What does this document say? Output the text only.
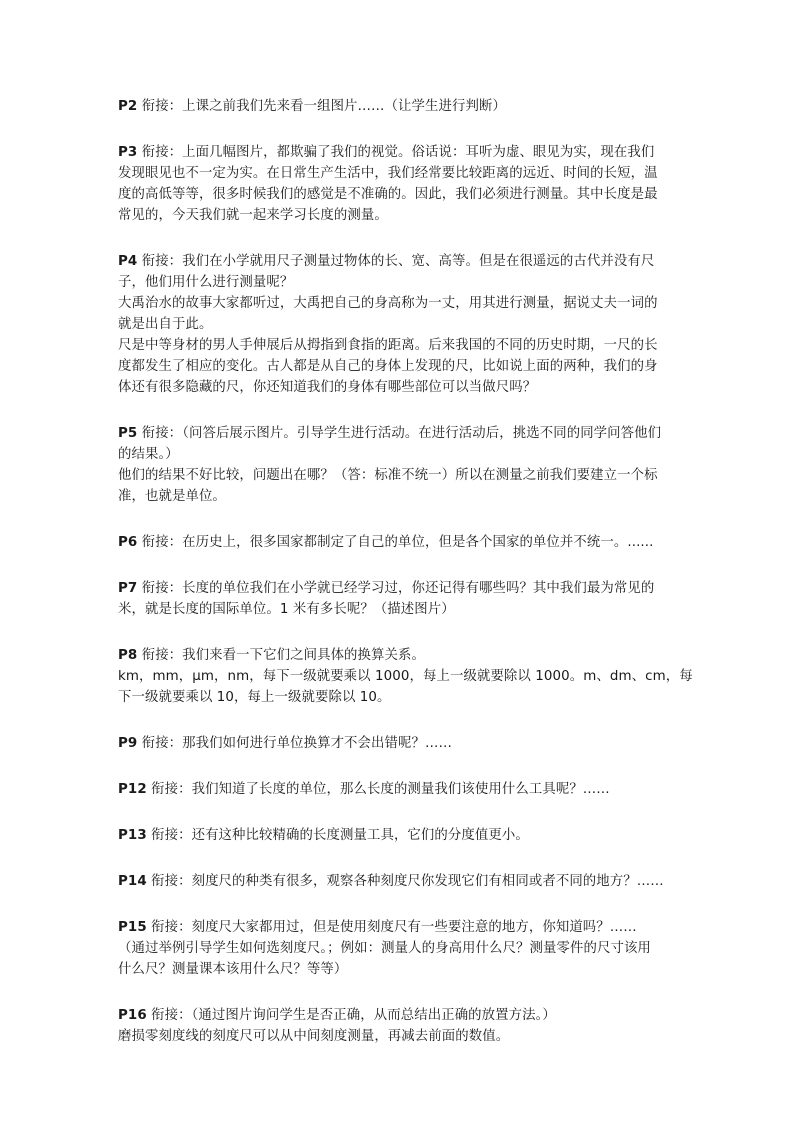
P2 衔接：上课之前我们先来看一组图片……（让学生进行判断）
P3 衔接：上面几幅图片，都欺骗了我们的视觉。俗话说：耳听为虚、眼见为实，现在我们
发现眼见也不一定为实。在日常生产生活中，我们经常要比较距离的远近、时间的长短，温
度的高低等等，很多时候我们的感觉是不准确的。因此，我们必须进行测量。其中长度是最
常见的，今天我们就一起来学习长度的测量。
P4 衔接：我们在小学就用尺子测量过物体的长、宽、高等。但是在很遥远的古代并没有尺
子，他们用什么进行测量呢？
大禹治水的故事大家都听过，大禹把自己的身高称为一丈，用其进行测量，据说丈夫一词的
就是出自于此。
尺是中等身材的男人手伸展后从拇指到食指的距离。后来我国的不同的历史时期，一尺的长
度都发生了相应的变化。古人都是从自己的身体上发现的尺，比如说上面的两种，我们的身
体还有很多隐藏的尺，你还知道我们的身体有哪些部位可以当做尺吗？
P5 衔接：（问答后展示图片。引导学生进行活动。在进行活动后，挑选不同的同学问答他们
的结果。）
他们的结果不好比较，问题出在哪？（答：标准不统一）所以在测量之前我们要建立一个标
准，也就是单位。
P6 衔接：在历史上，很多国家都制定了自己的单位，但是各个国家的单位并不统一。......
P7 衔接：长度的单位我们在小学就已经学习过，你还记得有哪些吗？其中我们最为常见的
米，就是长度的国际单位。1 米有多长呢？（描述图片）
P8 衔接：我们来看一下它们之间具体的换算关系。
km，mm，μm，nm，每下一级就要乘以 1000，每上一级就要除以 1000。m、dm、cm，每
下一级就要乘以 10，每上一级就要除以 10。
P9 衔接：那我们如何进行单位换算才不会出错呢？……
P12 衔接：我们知道了长度的单位，那么长度的测量我们该使用什么工具呢？……
P13 衔接：还有这种比较精确的长度测量工具，它们的分度值更小。
P14 衔接：刻度尺的种类有很多，观察各种刻度尺你发现它们有相同或者不同的地方？……
P15 衔接：刻度尺大家都用过，但是使用刻度尺有一些要注意的地方，你知道吗？……
（通过举例引导学生如何选刻度尺。；例如：测量人的身高用什么尺？测量零件的尺寸该用
什么尺？测量课本该用什么尺？等等）
P16 衔接：（通过图片询问学生是否正确，从而总结出正确的放置方法。）
磨损零刻度线的刻度尺可以从中间刻度测量，再减去前面的数值。
